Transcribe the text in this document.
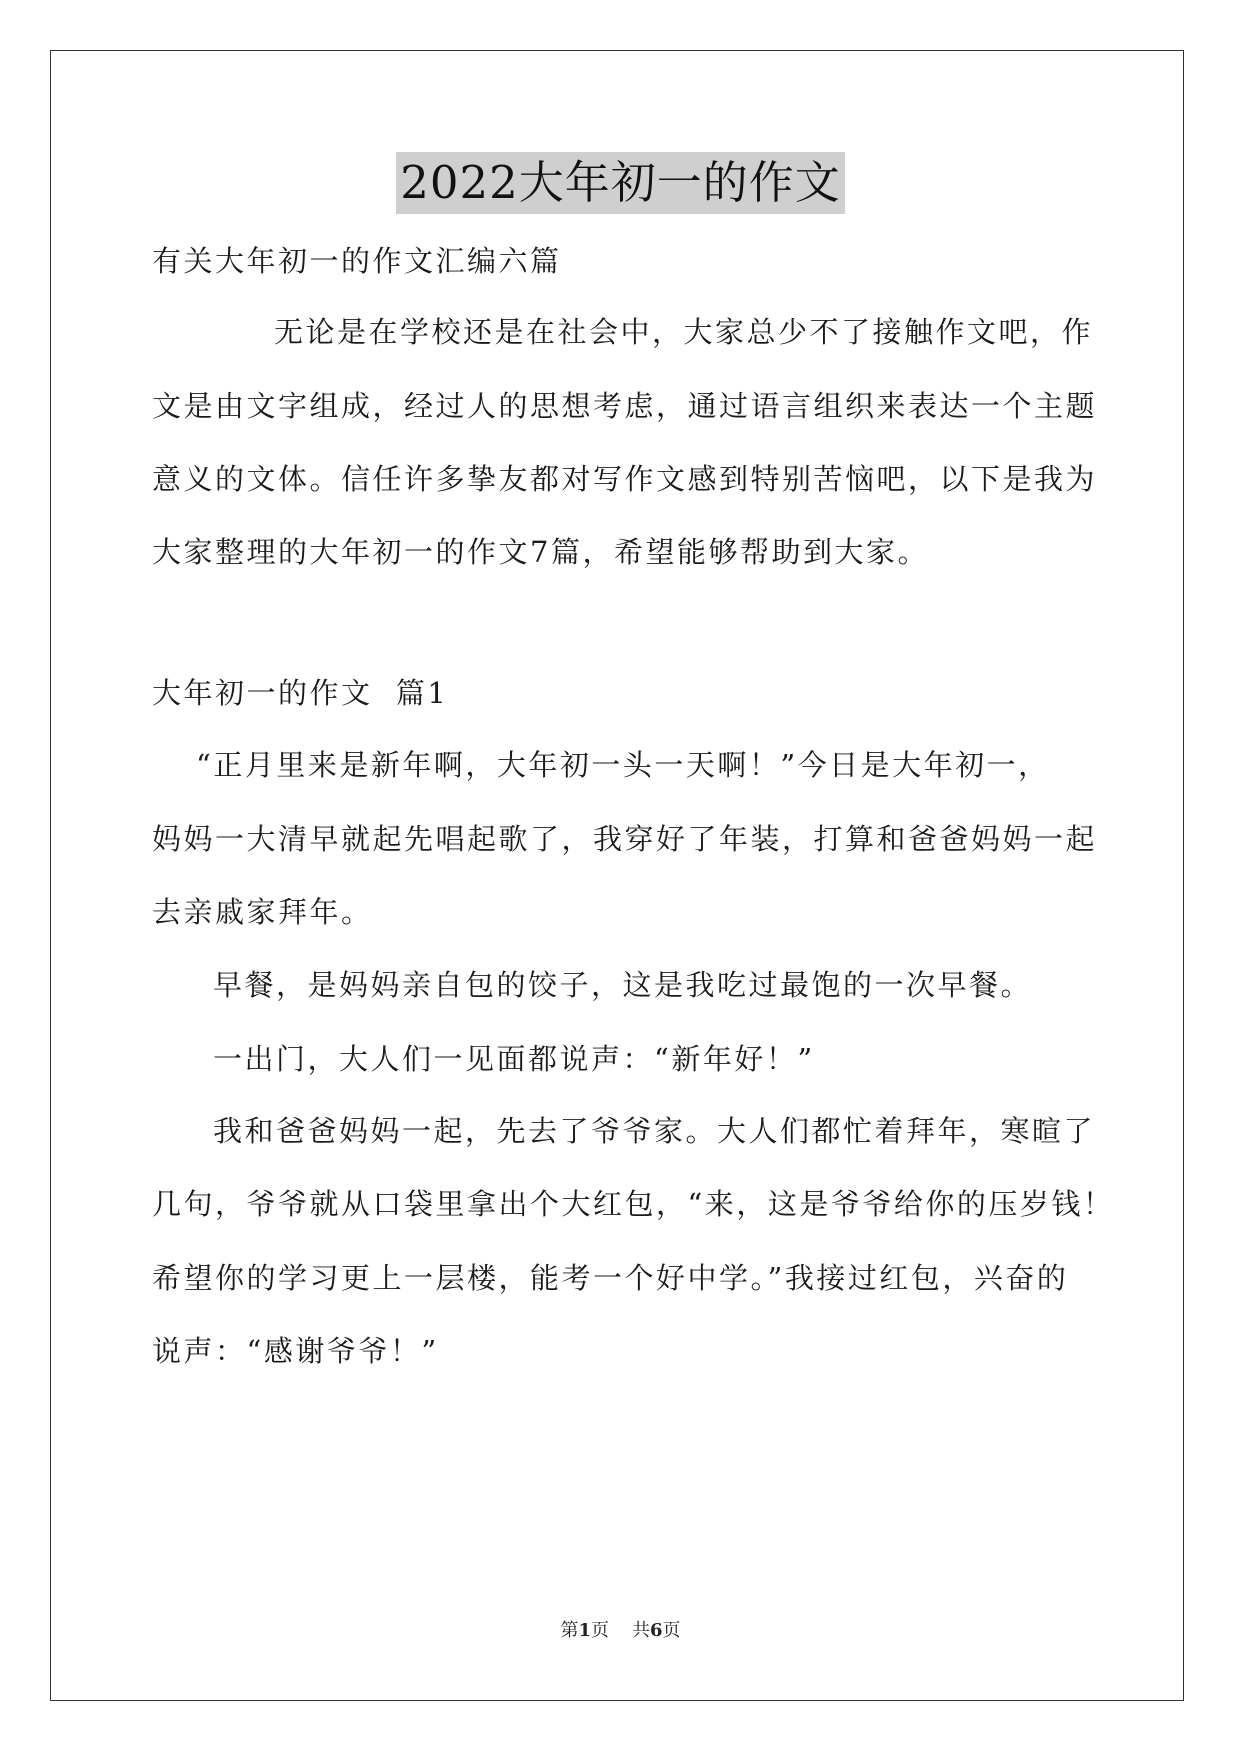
2022大年初一的作文
有关大年初一的作文汇编六篇
无论是在学校还是在社会中，大家总少不了接触作文吧，作
文是由文字组成，经过人的思想考虑，通过语言组织来表达一个主题
意义的文体。信任许多挚友都对写作文感到特别苦恼吧，以下是我为
大家整理的大年初一的作文7篇，希望能够帮助到大家。
大年初一的作文  篇1
“正月里来是新年啊，大年初一头一天啊！”今日是大年初一，
妈妈一大清早就起先唱起歌了，我穿好了年装，打算和爸爸妈妈一起
去亲戚家拜年。
早餐，是妈妈亲自包的饺子，这是我吃过最饱的一次早餐。
一出门，大人们一见面都说声：“新年好！”
我和爸爸妈妈一起，先去了爷爷家。大人们都忙着拜年，寒暄了
几句，爷爷就从口袋里拿出个大红包，“来，这是爷爷给你的压岁钱！
希望你的学习更上一层楼，能考一个好中学。”我接过红包，兴奋的
说声：“感谢爷爷！”
第1页 共6页
